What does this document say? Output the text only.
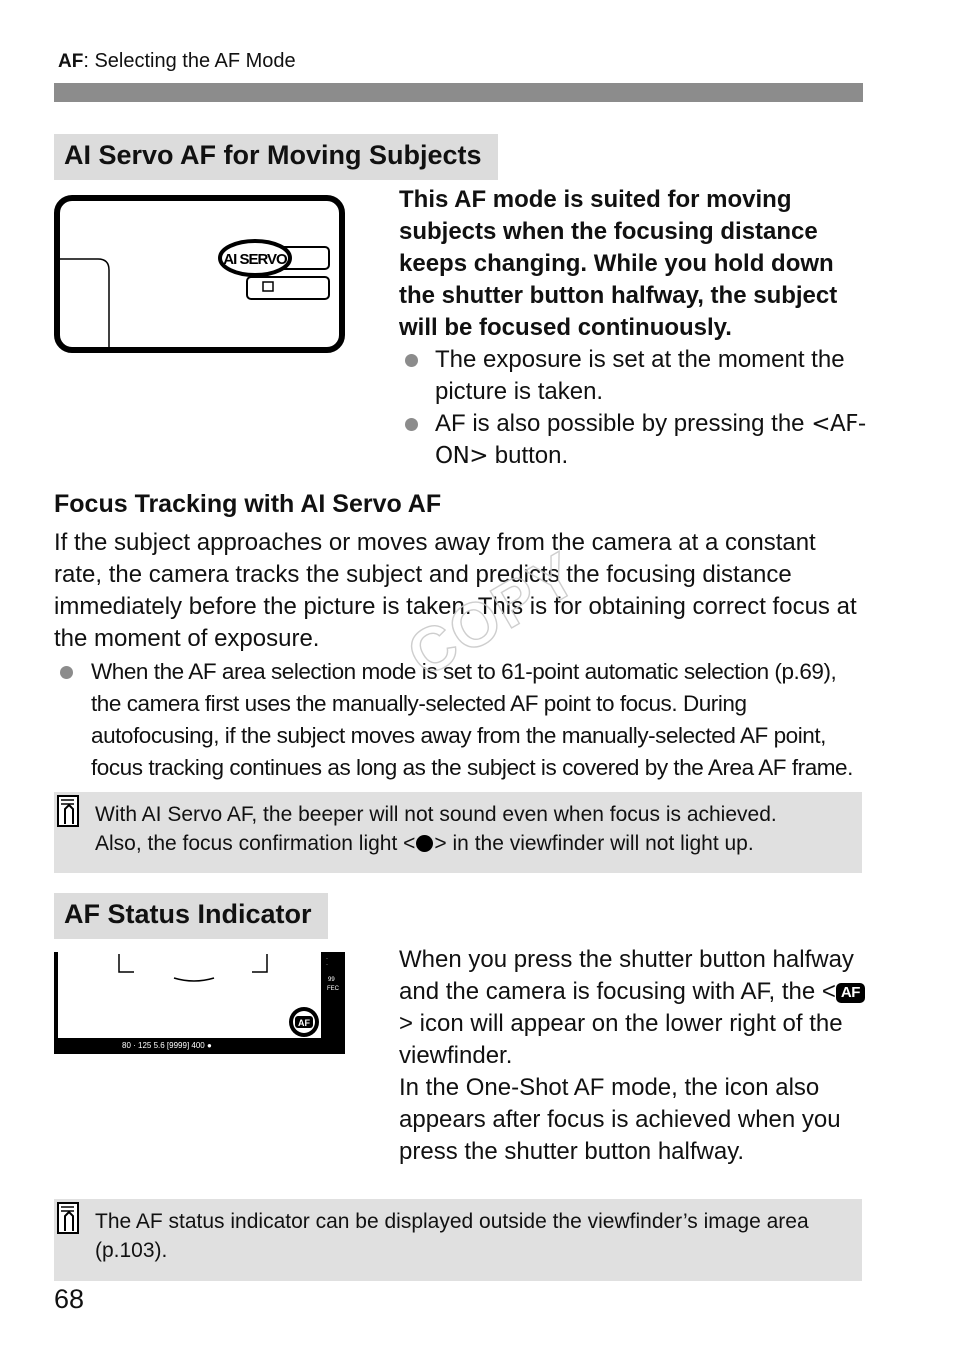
AF: Selecting the AF Mode
AI Servo AF for Moving Subjects
AI SERVO
This AF mode is suited for moving subjects when the focusing distance keeps changing. While you hold down the shutter button halfway, the subject will be focused continuously.
The exposure is set at the moment the picture is taken.
AF is also possible by pressing the <AF-ON> button.
Focus Tracking with AI Servo AF
If the subject approaches or moves away from the camera at a constant rate, the camera tracks the subject and predicts the focusing distance immediately before the picture is taken. This is for obtaining correct focus at the moment of exposure.
When the AF area selection mode is set to 61-point automatic selection (p.69), the camera first uses the manually-selected AF point to focus. During autofocusing, if the subject moves away from the manually-selected AF point, focus tracking continues as long as the subject is covered by the Area AF frame.
COPY
With AI Servo AF, the beeper will not sound even when focus is achieved.
Also, the focus confirmation light < > in the viewfinder will not light up.
AF Status Indicator
·
·
99
FEC
AF
80 · 125 5.6 [9999] 400 ●
When you press the shutter button halfway and the camera is focusing with AF, the < AF> icon will appear on the lower right of the viewfinder.
In the One-Shot AF mode, the icon also appears after focus is achieved when you press the shutter button halfway.
The AF status indicator can be displayed outside the viewfinder’s image area (p.103).
68
